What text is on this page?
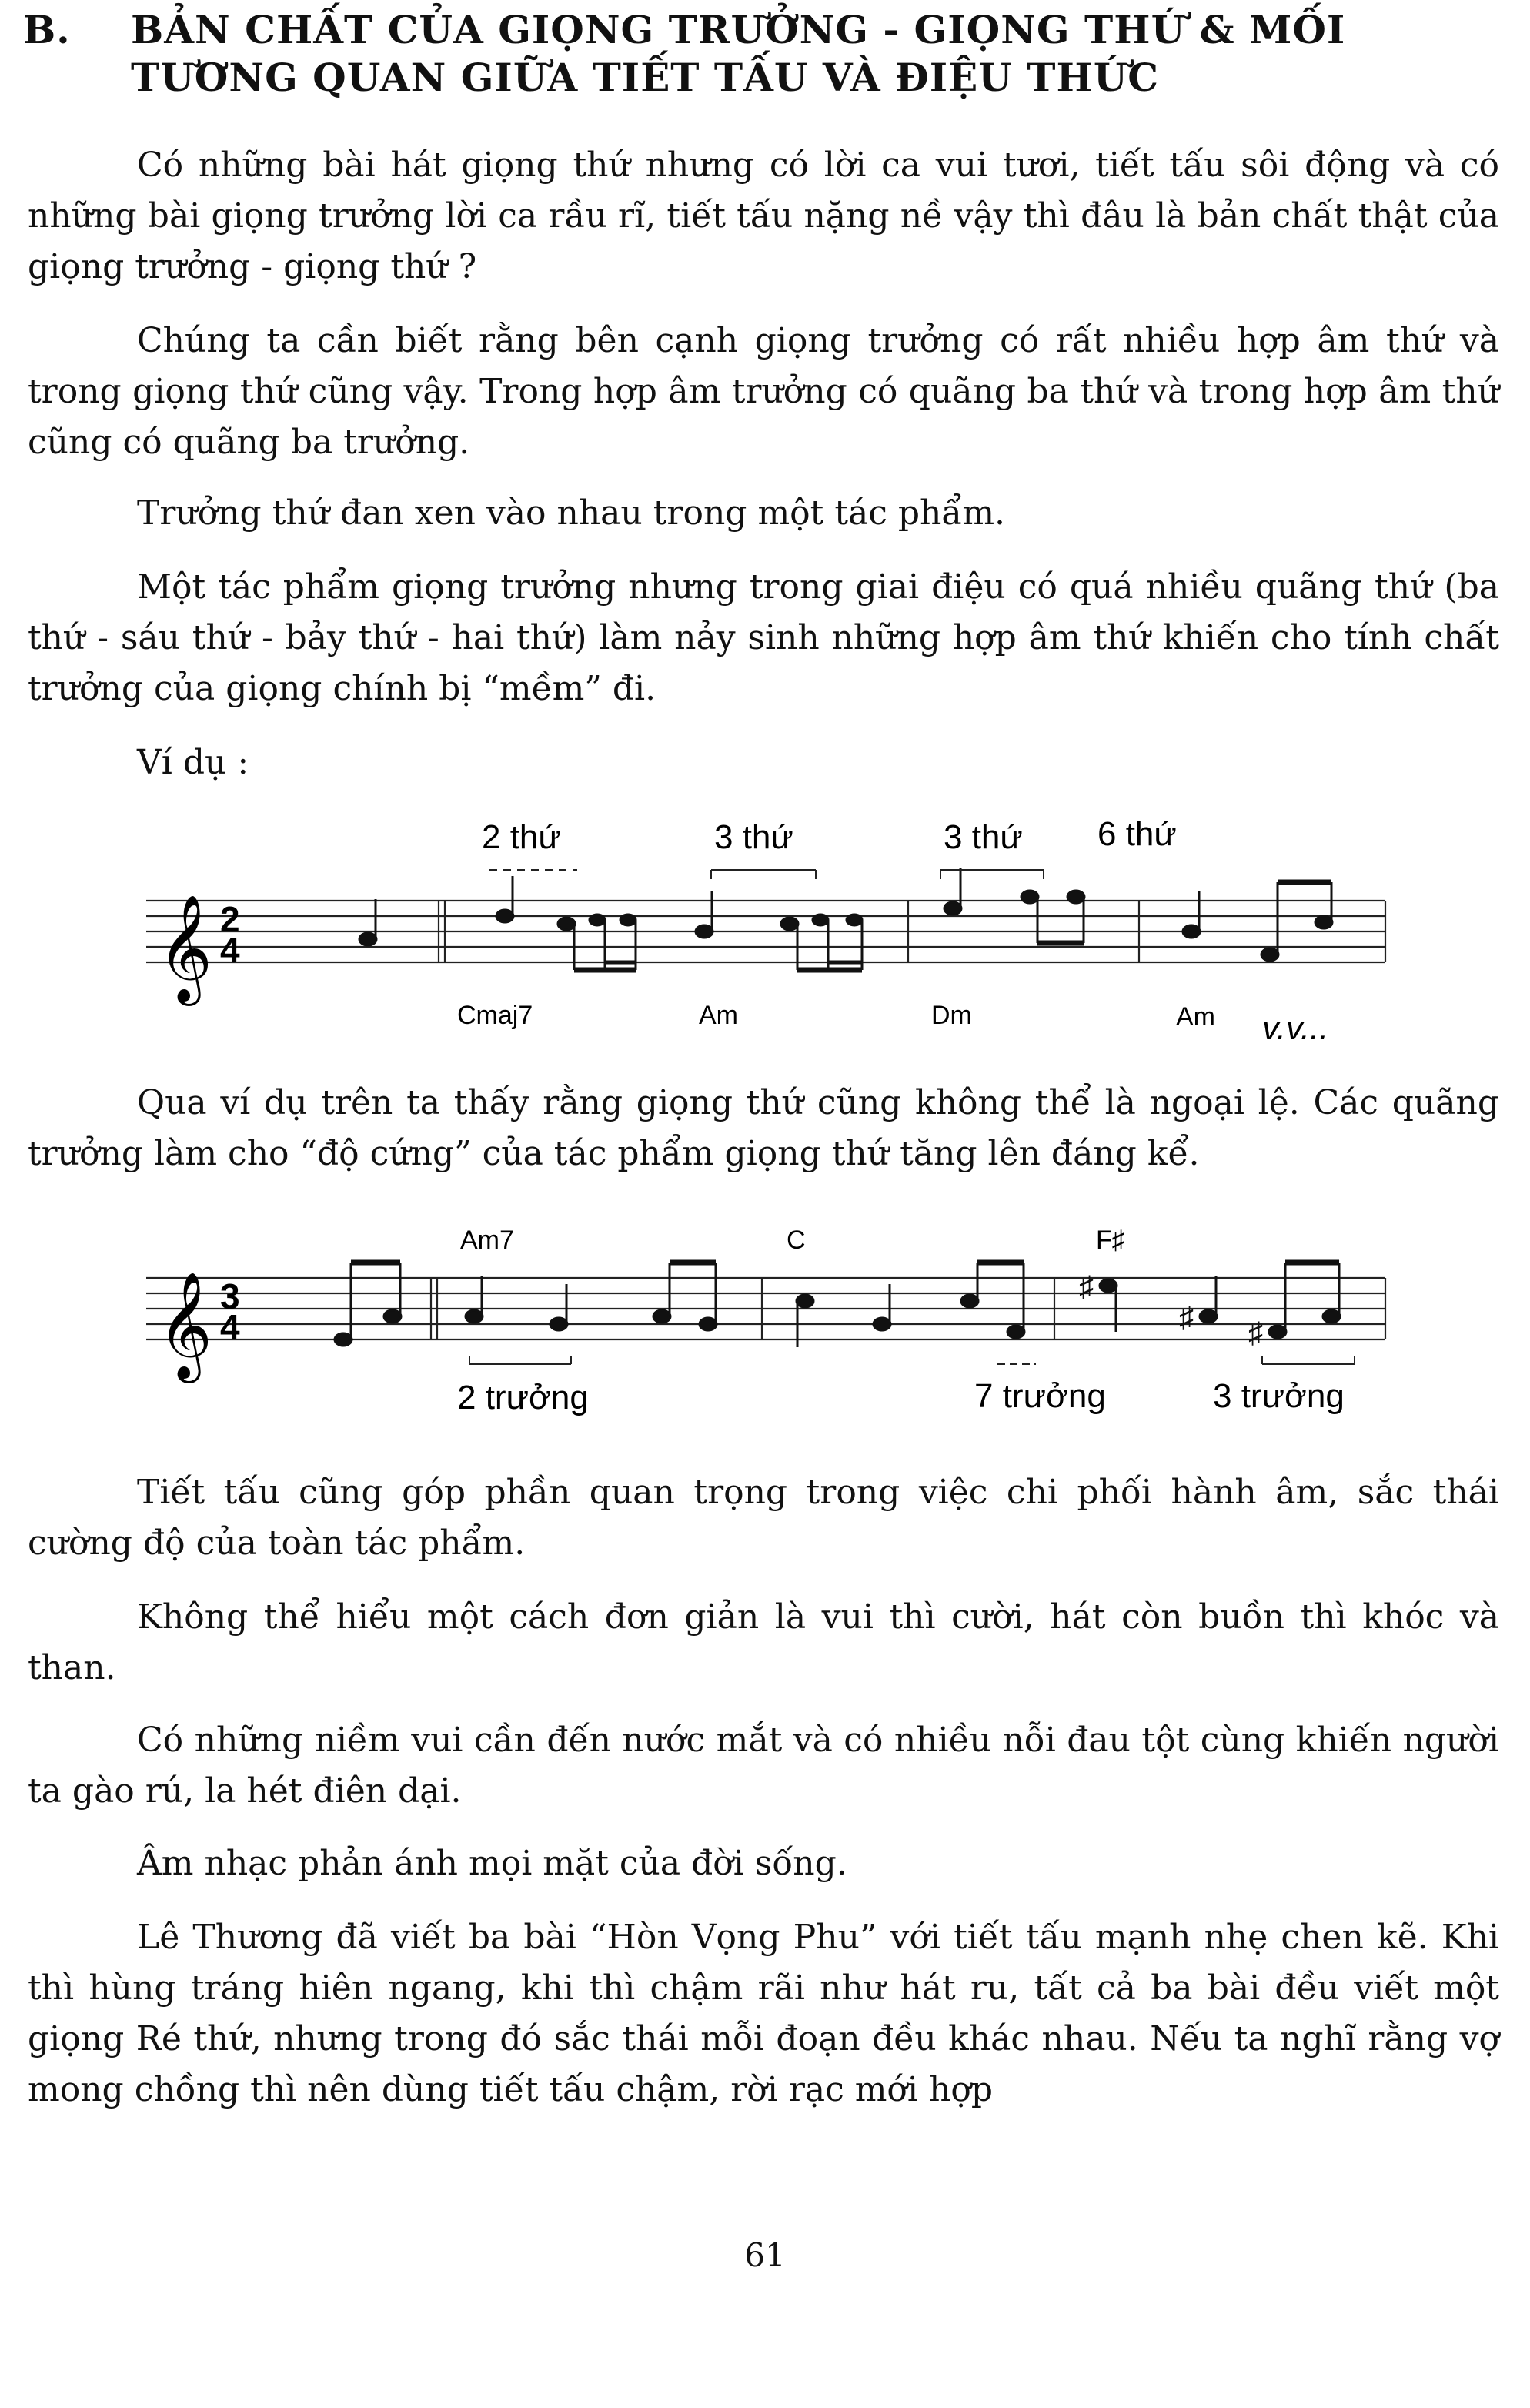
B. BẢN CHẤT CỦA GIỌNG TRƯỞNG - GIỌNG THỨ & MỐI
TƯƠNG QUAN GIỮA TIẾT TẤU VÀ ĐIỆU THỨC

Có những bài hát giọng thứ nhưng có lời ca vui tươi, tiết tấu sôi động và có những bài giọng trưởng lời ca rầu rĩ, tiết tấu nặng nề vậy thì đâu là bản chất thật của giọng trưởng - giọng thứ ?

Chúng ta cần biết rằng bên cạnh giọng trưởng có rất nhiều hợp âm thứ và trong giọng thứ cũng vậy. Trong hợp âm trưởng có quãng ba thứ và trong hợp âm thứ cũng có quãng ba trưởng.

Trưởng thứ đan xen vào nhau trong một tác phẩm.

Một tác phẩm giọng trưởng nhưng trong giai điệu có quá nhiều quãng thứ (ba thứ - sáu thứ - bảy thứ - hai thứ) làm nảy sinh những hợp âm thứ khiến cho tính chất trưởng của giọng chính bị “mềm” đi.

Ví dụ :

𝄞 2
4
2 thứ	3 thứ	3 thứ 6 thứ
Cmaj7	Am	Dm	Am v.v...

Qua ví dụ trên ta thấy rằng giọng thứ cũng không thể là ngoại lệ. Các quãng trưởng làm cho “độ cứng” của tác phẩm giọng thứ tăng lên đáng kể.

𝄞 3
4
♯
♯ ♯
Am7	C	F♯
2 trưởng	7 trưởng	3 trưởng

Tiết tấu cũng góp phần quan trọng trong việc chi phối hành âm, sắc thái cường độ của toàn tác phẩm.

Không thể hiểu một cách đơn giản là vui thì cười, hát còn buồn thì khóc và than.

Có những niềm vui cần đến nước mắt và có nhiều nỗi đau tột cùng khiến người ta gào rú, la hét điên dại.

Âm nhạc phản ánh mọi mặt của đời sống.

Lê Thương đã viết ba bài “Hòn Vọng Phu” với tiết tấu mạnh nhẹ chen kẽ. Khi thì hùng tráng hiên ngang, khi thì chậm rãi như hát ru, tất cả ba bài đều viết một giọng Ré thứ, nhưng trong đó sắc thái mỗi đoạn đều khác nhau. Nếu ta nghĩ rằng vợ mong chồng thì nên dùng tiết tấu chậm, rời rạc mới hợp

61
